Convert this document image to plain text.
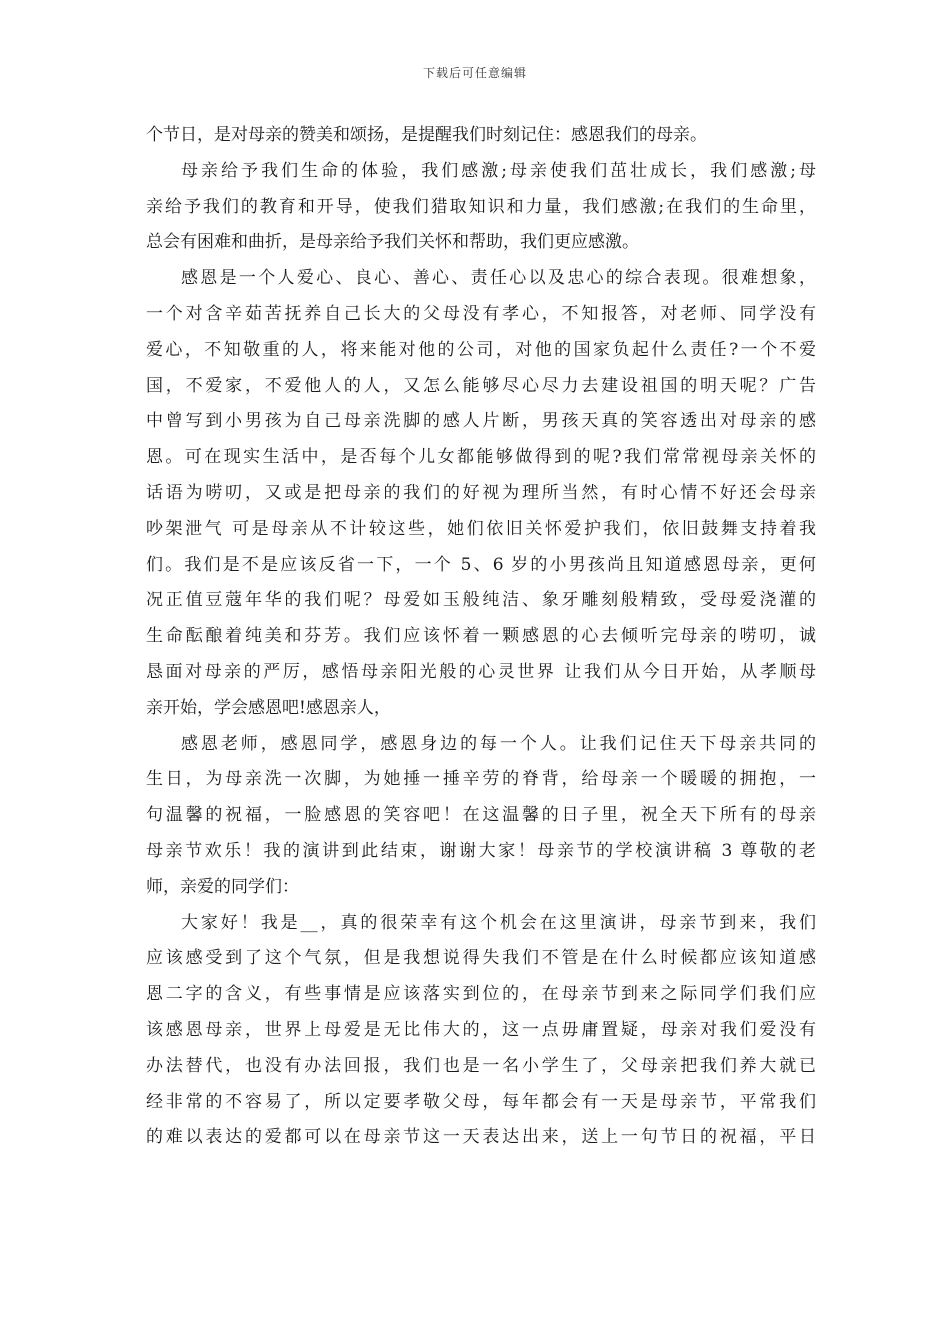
下载后可任意编辑
个节日，是对母亲的赞美和颂扬，是提醒我们时刻记住：感恩我们的母亲。
母亲给予我们生命的体验，我们感激;母亲使我们茁壮成长，我们感激;母
亲给予我们的教育和开导，使我们猎取知识和力量，我们感激;在我们的生命里，
总会有困难和曲折，是母亲给予我们关怀和帮助，我们更应感激。
感恩是一个人爱心、良心、善心、责任心以及忠心的综合表现。很难想象，
一个对含辛茹苦抚养自己长大的父母没有孝心，不知报答，对老师、同学没有
爱心，不知敬重的人，将来能对他的公司，对他的国家负起什么责任?一个不爱
国，不爱家，不爱他人的人，又怎么能够尽心尽力去建设祖国的明天呢？广告
中曾写到小男孩为自己母亲洗脚的感人片断，男孩天真的笑容透出对母亲的感
恩。可在现实生活中，是否每个儿女都能够做得到的呢?我们常常视母亲关怀的
话语为唠叨，又或是把母亲的我们的好视为理所当然，有时心情不好还会母亲
吵架泄气 可是母亲从不计较这些，她们依旧关怀爱护我们，依旧鼓舞支持着我
们。我们是不是应该反省一下，一个 5、6 岁的小男孩尚且知道感恩母亲，更何
况正值豆蔻年华的我们呢？母爱如玉般纯洁、象牙雕刻般精致，受母爱浇灌的
生命酝酿着纯美和芬芳。我们应该怀着一颗感恩的心去倾听完母亲的唠叨，诚
恳面对母亲的严厉，感悟母亲阳光般的心灵世界 让我们从今日开始，从孝顺母
亲开始，学会感恩吧!感恩亲人，
感恩老师，感恩同学，感恩身边的每一个人。让我们记住天下母亲共同的
生日，为母亲洗一次脚，为她捶一捶辛劳的脊背，给母亲一个暖暖的拥抱，一
句温馨的祝福，一脸感恩的笑容吧！在这温馨的日子里，祝全天下所有的母亲
母亲节欢乐！我的演讲到此结束，谢谢大家！母亲节的学校演讲稿 3 尊敬的老
师，亲爱的同学们：
大家好！我是__，真的很荣幸有这个机会在这里演讲，母亲节到来，我们
应该感受到了这个气氛，但是我想说得失我们不管是在什么时候都应该知道感
恩二字的含义，有些事情是应该落实到位的，在母亲节到来之际同学们我们应
该感恩母亲，世界上母爱是无比伟大的，这一点毋庸置疑，母亲对我们爱没有
办法替代，也没有办法回报，我们也是一名小学生了，父母亲把我们养大就已
经非常的不容易了，所以定要孝敬父母，每年都会有一天是母亲节，平常我们
的难以表达的爱都可以在母亲节这一天表达出来，送上一句节日的祝福，平日
